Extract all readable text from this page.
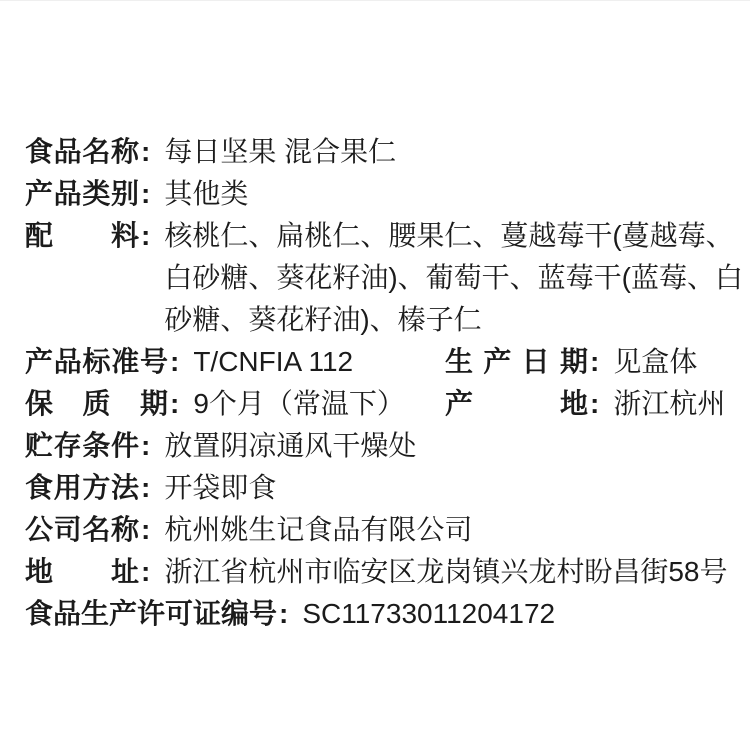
食品名称 : 每日坚果 混合果仁
产品类别 : 其他类
配料 : 核桃仁、扁桃仁、腰果仁、蔓越莓干(蔓越莓、
白砂糖、葵花籽油)、葡萄干、蓝莓干(蓝莓、白
砂糖、葵花籽油)、榛子仁
产品标准号 : T/CNFIA 112	生产日期 : 见盒体
保质期 : 9个月（常温下） 产地 : 浙江杭州
贮存条件 : 放置阴凉通风干燥处
食用方法 : 开袋即食
公司名称 : 杭州姚生记食品有限公司
地址 : 浙江省杭州市临安区龙岗镇兴龙村盼昌街58号
食品生产许可证编号 : SC11733011204172
